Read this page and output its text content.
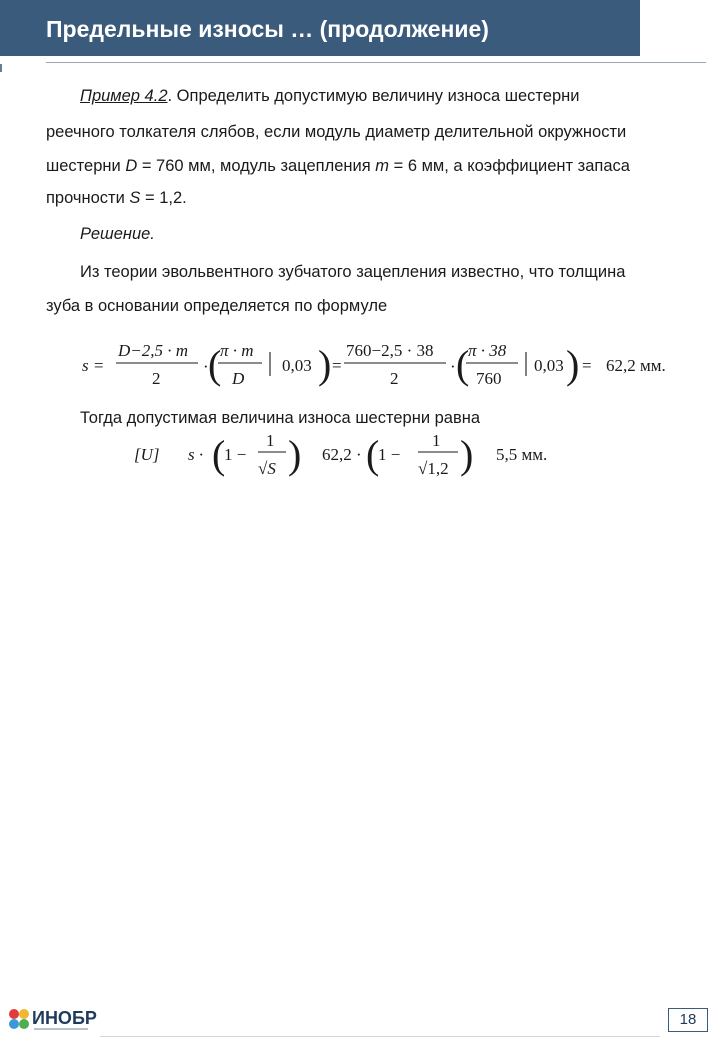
Предельные износы … (продолжение)
Пример 4.2. Определить допустимую величину износа шестерни
реечного толкателя слябов, если модуль диаметр делительной окружности
шестерни D = 760 мм, модуль зацепления m = 6 мм, а коэффициент запаса
прочности S = 1,2.
Решение.
Из теории эвольвентного зубчатого зацепления известно, что толщина
зуба в основании определяется по формуле
s =
D−2,5 · m
2
· (
π · m
D
0,03 ) =
760−2,5 · 38
2
· (
π · 38
760
0,03 ) = 62,2 мм.
Тогда допустимая величина износа шестерни равна
[U] s · (
1 −
1
√S ) 62,2 · (
1 −
1
√1,2 ) 5,5 мм.
ИНОБР	18
